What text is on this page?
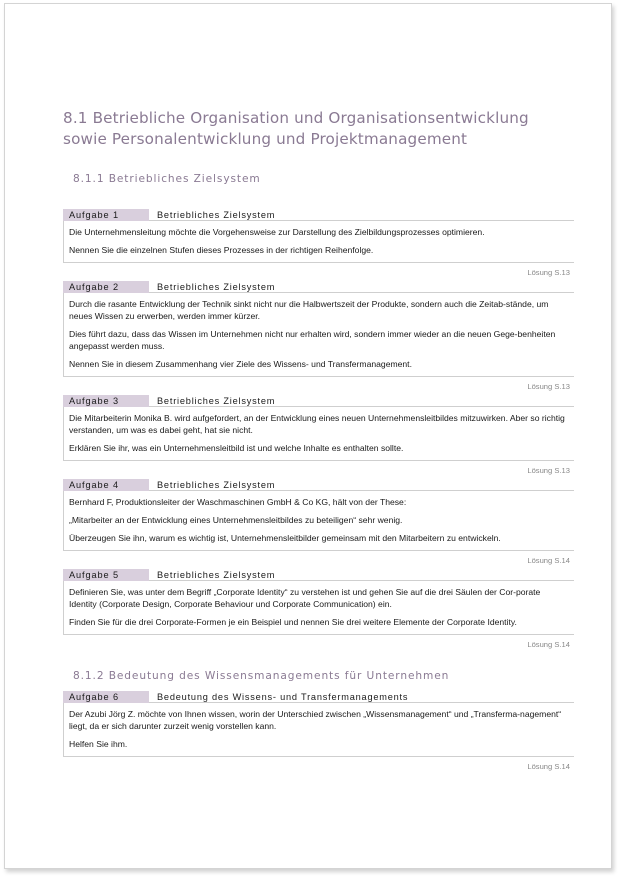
8.1 Betriebliche Organisation und Organisationsentwicklung
sowie Personalentwicklung und Projektmanagement
8.1.1 Betriebliches Zielsystem
Aufgabe 1	Betriebliches Zielsystem

Die Unternehmensleitung möchte die Vorgehensweise zur Darstellung des Zielbildungsprozesses optimieren.

Nennen Sie die einzelnen Stufen dieses Prozesses in der richtigen Reihenfolge.

Lösung S.13
Aufgabe 2	Betriebliches Zielsystem

Durch die rasante Entwicklung der Technik sinkt nicht nur die Halbwertszeit der Produkte, sondern auch die Zeitab-stände, um neues Wissen zu erwerben, werden immer kürzer.

Dies führt dazu, dass das Wissen im Unternehmen nicht nur erhalten wird, sondern immer wieder an die neuen Gege-benheiten angepasst werden muss.

Nennen Sie in diesem Zusammenhang vier Ziele des Wissens- und Transfermanagement.

Lösung S.13
Aufgabe 3	Betriebliches Zielsystem

Die Mitarbeiterin Monika B. wird aufgefordert, an der Entwicklung eines neuen Unternehmensleitbildes mitzuwirken. Aber so richtig verstanden, um was es dabei geht, hat sie nicht.

Erklären Sie ihr, was ein Unternehmensleitbild ist und welche Inhalte es enthalten sollte.

Lösung S.13
Aufgabe 4	Betriebliches Zielsystem

Bernhard F, Produktionsleiter der Waschmaschinen GmbH & Co KG, hält von der These:

„Mitarbeiter an der Entwicklung eines Unternehmensleitbildes zu beteiligen“ sehr wenig.

Überzeugen Sie ihn, warum es wichtig ist, Unternehmensleitbilder gemeinsam mit den Mitarbeitern zu entwickeln.

Lösung S.14
Aufgabe 5	Betriebliches Zielsystem

Definieren Sie, was unter dem Begriff „Corporate Identity“ zu verstehen ist und gehen Sie auf die drei Säulen der Cor-porate Identity (Corporate Design, Corporate Behaviour und Corporate Communication) ein.

Finden Sie für die drei Corporate-Formen je ein Beispiel und nennen Sie drei weitere Elemente der Corporate Identity.

Lösung S.14
8.1.2 Bedeutung des Wissensmanagements für Unternehmen
Aufgabe 6	Bedeutung des Wissens- und Transfermanagements

Der Azubi Jörg Z. möchte von Ihnen wissen, worin der Unterschied zwischen „Wissensmanagement“ und „Transferma-nagement“ liegt, da er sich darunter zurzeit wenig vorstellen kann.

Helfen Sie ihm.

Lösung S.14
